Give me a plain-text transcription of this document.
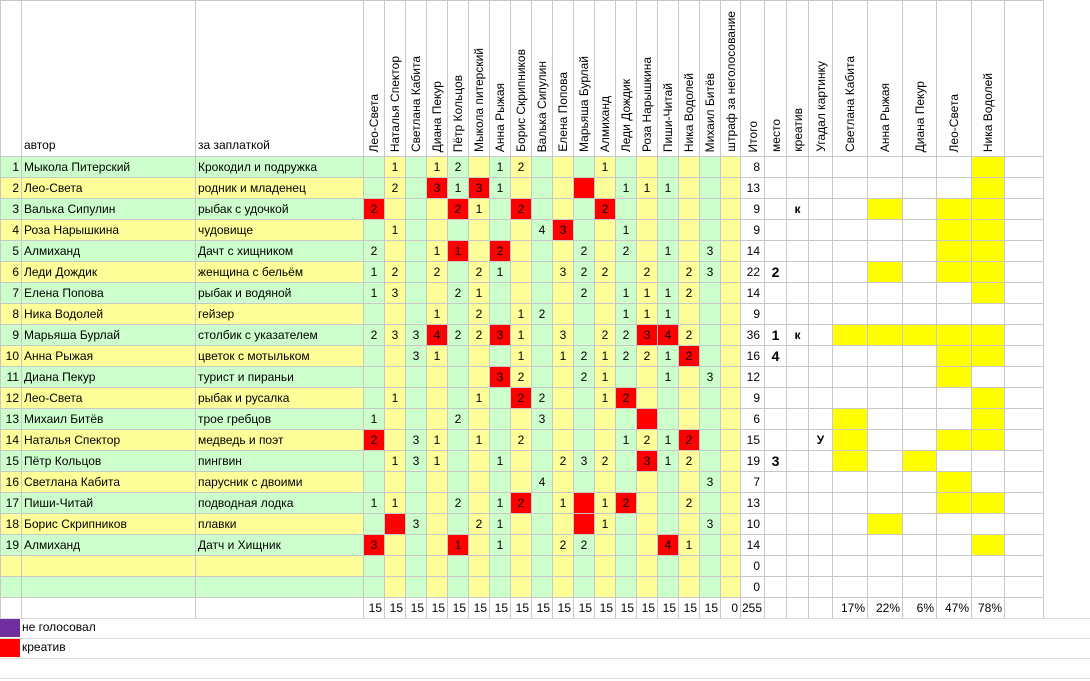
	автор	за заплаткой	Лео-Света	Наталья Спектор	Светлана Кабита	Диана Пекур	Пётр Кольцов	Мыкола питерский	Анна Рыжая	Борис Скрипников	Валька Сипулин	Елена Попова	Марьяша Бурлай	Алмиханд	Леди Дождик	Роза Нарышкина	Пиши-Читай	Ника Водолей	Михаил Битёв	штраф за неголосование	Итого	место	креатив	Угадал картинку	Светлана Кабита	Анна Рыжая	Диана Пекур	Лео-Света	Ника Водолей	

1	Мыкола Питерский	Крокодил и подружка		1		1	2		1	2				1							8									
2	Лео-Света	родник и младенец		2		3	1	3	1						1	1	1				13									
3	Валька Сипулин	рыбак с удочкой	2				2	1		2				2							9		к							
4	Роза Нарышкина	чудовище		1							4	3			1						9									
5	Алмиханд	Дачт с хищником	2			1	1		2				2		2		1		3		14									
6	Леди Дождик	женщина с бельём	1	2		2		2	1			3	2	2		2		2	3		22	2								
7	Елена Попова	рыбак и водяной	1	3			2	1					2		1	1	1	2			14									
8	Ника Водолей	гейзер				1		2		1	2				1	1	1				9									
9	Марьяша Бурлай	столбик с указателем	2	3	3	4	2	2	3	1		3		2	2	3	4	2			36	1	к							
10	Анна Рыжая	цветок с мотыльком			3	1				1		1	2	1	2	2	1	2			16	4								
11	Диана Пекур	турист и пираньи							3	2			2	1			1		3		12									
12	Лео-Света	рыбак и русалка		1				1		2	2			1	2						9									
13	Михаил Битёв	трое гребцов	1				2				3										6									
14	Наталья Спектор	медведь и поэт	2		3	1		1		2					1	2	1	2			15			У						
15	Пётр Кольцов	пингвин		1	3	1			1			2	3	2		3	1	2			19	3								
16	Светлана Кабита	парусник с двоими									4								3		7									
17	Пиши-Читай	подводная лодка	1	1			2		1	2		1		1	2			2			13									
18	Борис Скрипников	плавки			3			2	1					1					3		10									
19	Алмиханд	Датч и Хищник	3				1		1			2	2				4	1			14									
																					0									
																					0									
			15	15	15	15	15	15	15	15	15	15	15	15	15	15	15	15	15	0	255				17%	22%	6%	47%	78%	
не голосовал
креатив
